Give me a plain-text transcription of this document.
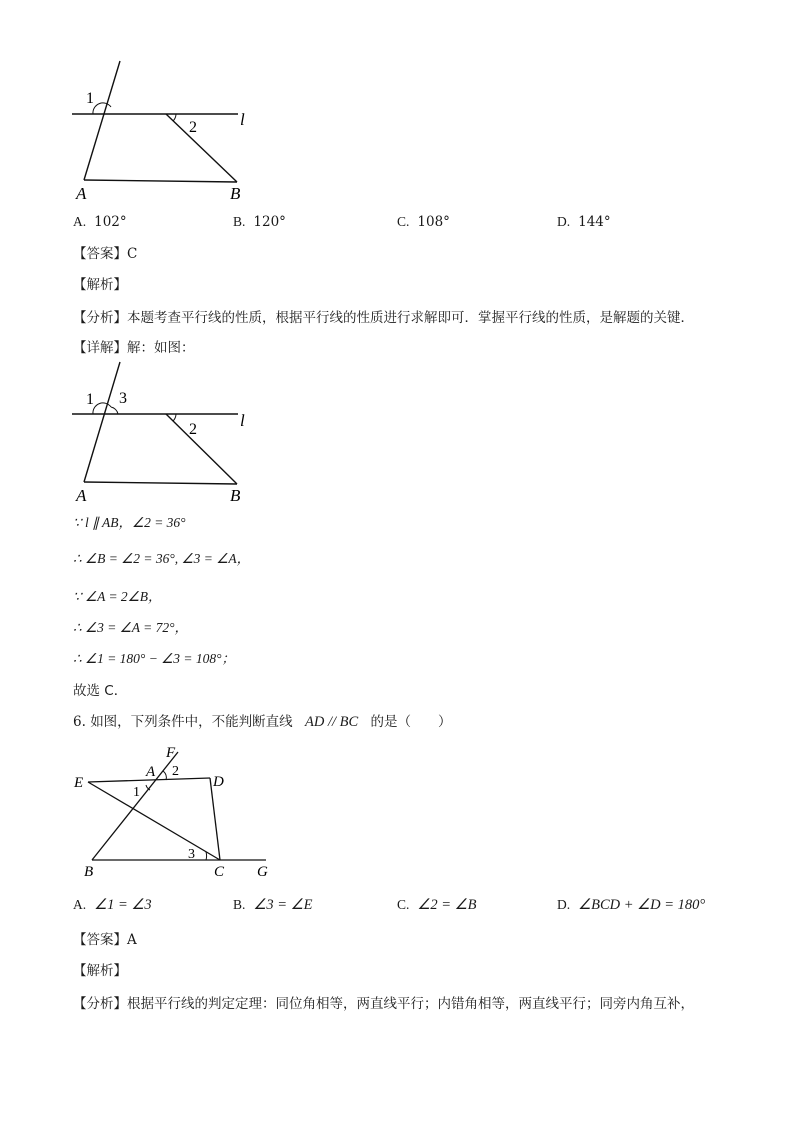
1
2	l
A	B
A. 102°	B. 120°	C. 108°	D. 144°
【答案】C
【解析】
【分析】本题考查平行线的性质，根据平行线的性质进行求解即可．掌握平行线的性质，是解题的关键．
【详解】解：如图：
1 3
2	l
A	B
∵ l ∥ AB，∠2 = 36°
∴ ∠B = ∠2 = 36°, ∠3 = ∠A，
∵ ∠A = 2∠B，
∴ ∠3 = ∠A = 72°，
∴ ∠1 = 180° − ∠3 = 108°；
故选 C．
6. 如图，下列条件中，不能判断直线 AD // BC 的是（　　）
F
A 2
E	D
1
3
B	C G
A. ∠1 = ∠3	B. ∠3 = ∠E	C. ∠2 = ∠B	D. ∠BCD + ∠D = 180°
【答案】A
【解析】
【分析】根据平行线的判定定理：同位角相等，两直线平行；内错角相等，两直线平行；同旁内角互补，
